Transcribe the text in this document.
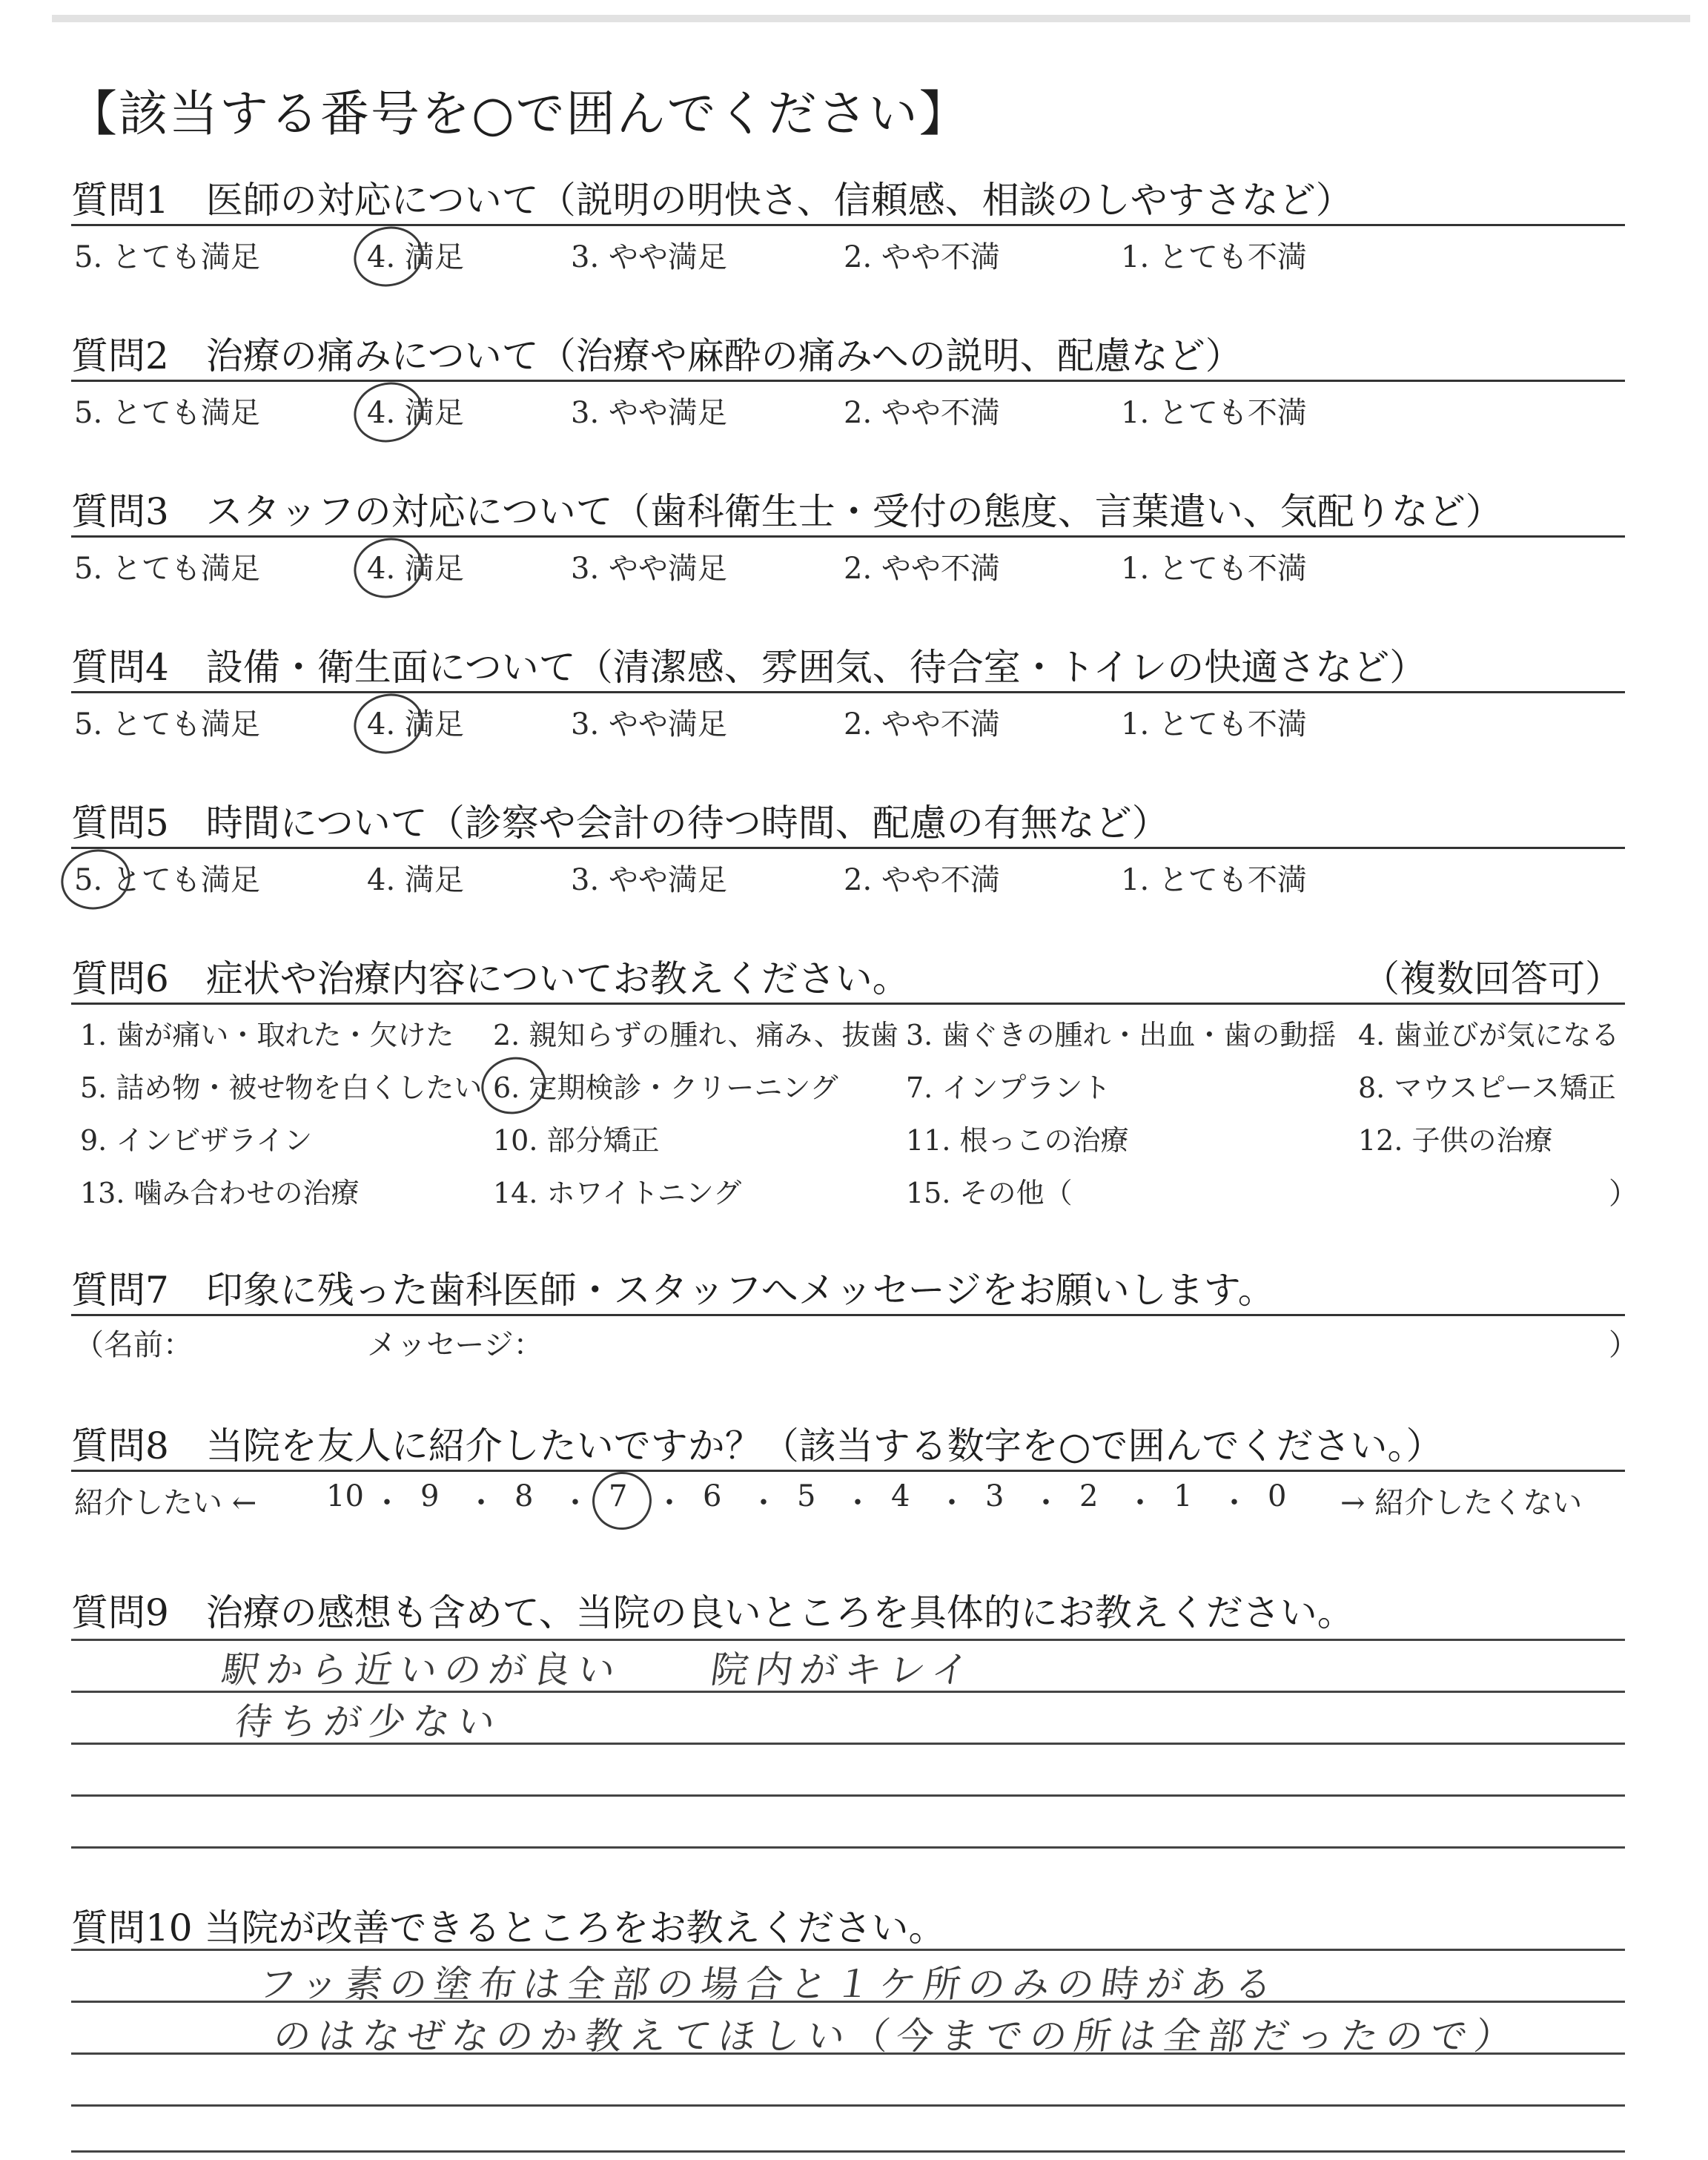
【該当する番号を○で囲んでください】
質問1　医師の対応について（説明の明快さ、信頼感、相談のしやすさなど）
5. とても満足	4. 満足	3. やや満足	2. やや不満	1. とても不満
質問2　治療の痛みについて（治療や麻酔の痛みへの説明、配慮など）
5. とても満足	4. 満足	3. やや満足	2. やや不満	1. とても不満
質問3　スタッフの対応について（歯科衛生士・受付の態度、言葉遣い、気配りなど）
5. とても満足	4. 満足	3. やや満足	2. やや不満	1. とても不満
質問4　設備・衛生面について（清潔感、雰囲気、待合室・トイレの快適さなど）
5. とても満足	4. 満足	3. やや満足	2. やや不満	1. とても不満
質問5　時間について（診察や会計の待つ時間、配慮の有無など）
5. とても満足	4. 満足	3. やや満足	2. やや不満	1. とても不満
質問6　症状や治療内容についてお教えください。	（複数回答可）
1. 歯が痛い・取れた・欠けた 2. 親知らずの腫れ、痛み、抜歯 3. 歯ぐきの腫れ・出血・歯の動揺 4. 歯並びが気になる
5. 詰め物・被せ物を白くしたい 6. 定期検診・クリーニング 7. インプラント	8. マウスピース矯正
9. インビザライン	10. 部分矯正	11. 根っこの治療	12. 子供の治療
13. 噛み合わせの治療	14. ホワイトニング	15. その他（	）
質問7　印象に残った歯科医師・スタッフへメッセージをお願いします。
（名前：	メッセージ：	）
質問8　当院を友人に紹介したいですか？（該当する数字を○で囲んでください。）
紹介したい ←	→ 紹介したくない
10 ・ 9 ・ 8 ・ 7 ・ 6 ・ 5 ・ 4 ・ 3 ・ 2 ・ 1 ・ 0
質問9　治療の感想も含めて、当院の良いところを具体的にお教えください。
駅から近いのが良い　　院内がキレイ
待ちが少ない
質問10 当院が改善できるところをお教えください。
フッ素の塗布は全部の場合と１ケ所のみの時がある
のはなぜなのか教えてほしい（今までの所は全部だったので）
